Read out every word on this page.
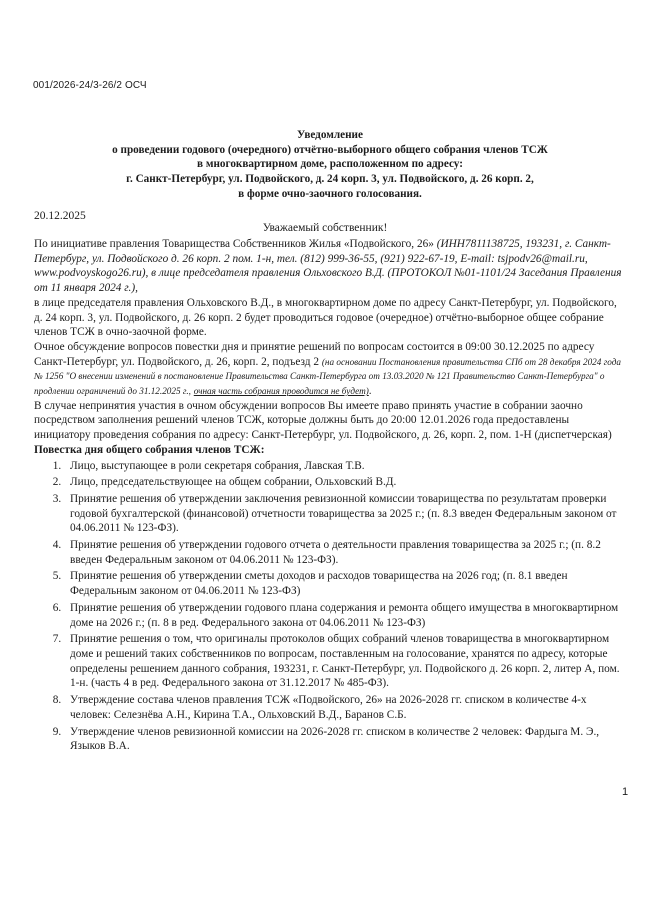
001/2026-24/3-26/2 ОСЧ
Уведомление
о проведении годового (очередного) отчётно-выборного общего собрания членов ТСЖ
в многоквартирном доме, расположенном по адресу:
г. Санкт-Петербург, ул. Подвойского, д. 24 корп. 3, ул. Подвойского, д. 26 корп. 2,
в форме очно-заочного голосования.
20.12.2025
Уважаемый собственник!

По инициативе правления Товарищества Собственников Жилья «Подвойского, 26» (ИНН7811138725, 193231, г. Санкт-Петербург, ул. Подвойского д. 26 корп. 2 пом. 1-н, тел. (812) 999-36-55, (921) 922-67-19, E-mail: tsjpodv26@mail.ru, www.podvoyskogo26.ru), в лице председателя правления Ольховского В.Д. (ПРОТОКОЛ №01-1101/24 Заседания Правления от 11 января 2024 г.),

в лице председателя правления Ольховского В.Д., в многоквартирном доме по адресу Санкт-Петербург, ул. Подвойского, д. 24 корп. 3, ул. Подвойского, д. 26 корп. 2 будет проводиться годовое (очередное) отчётно-выборное общее собрание членов ТСЖ в очно-заочной форме.

Очное обсуждение вопросов повестки дня и принятие решений по вопросам состоится в 09:00 30.12.2025 по адресу Санкт-Петербург, ул. Подвойского, д. 26, корп. 2, подъезд 2 (на основании Постановления правительства СПб от 28 декабря 2024 года № 1256 "О внесении изменений в постановление Правительства Санкт-Петербурга от 13.03.2020 № 121 Правительство Санкт-Петербурга" о продлении ограничений до 31.12.2025 г., очная часть собрания проводится не будет).

В случае непринятия участия в очном обсуждении вопросов Вы имеете право принять участие в собрании заочно посредством заполнения решений членов ТСЖ, которые должны быть до 20:00 12.01.2026 года предоставлены инициатору проведения собрания по адресу: Санкт-Петербург, ул. Подвойского, д. 26, корп. 2, пом. 1-Н (диспетчерская)

Повестка дня общего собрания членов ТСЖ:

1. Лицо, выступающее в роли секретаря собрания, Лавская Т.В.
2. Лицо, председательствующее на общем собрании, Ольховский В.Д.
3. Принятие решения об утверждении заключения ревизионной комиссии товарищества по результатам проверки годовой бухгалтерской (финансовой) отчетности товарищества за 2025 г.; (п. 8.3 введен Федеральным законом от 04.06.2011 № 123-ФЗ).
4. Принятие решения об утверждении годового отчета о деятельности правления товарищества за 2025 г.; (п. 8.2 введен Федеральным законом от 04.06.2011 № 123-ФЗ).
5. Принятие решения об утверждении сметы доходов и расходов товарищества на 2026 год; (п. 8.1 введен Федеральным законом от 04.06.2011 № 123-ФЗ)
6. Принятие решения об утверждении годового плана содержания и ремонта общего имущества в многоквартирном доме на 2026 г.; (п. 8 в ред. Федерального закона от 04.06.2011 № 123-ФЗ)
7. Принятие решения о том, что оригиналы протоколов общих собраний членов товарищества в многоквартирном доме и решений таких собственников по вопросам, поставленным на голосование, хранятся по адресу, которые определены решением данного собрания, 193231, г. Санкт-Петербург, ул. Подвойского д. 26 корп. 2, литер А, пом. 1-н. (часть 4 в ред. Федерального закона от 31.12.2017 № 485-ФЗ).
8. Утверждение состава членов правления ТСЖ «Подвойского, 26» на 2026-2028 гг. списком в количестве 4-х человек: Селезнёва А.Н., Кирина Т.А., Ольховский В.Д., Баранов С.Б.
9. Утверждение членов ревизионной комиссии на 2026-2028 гг. списком в количестве 2 человек: Фардыга М. Э., Языков В.А.
1
